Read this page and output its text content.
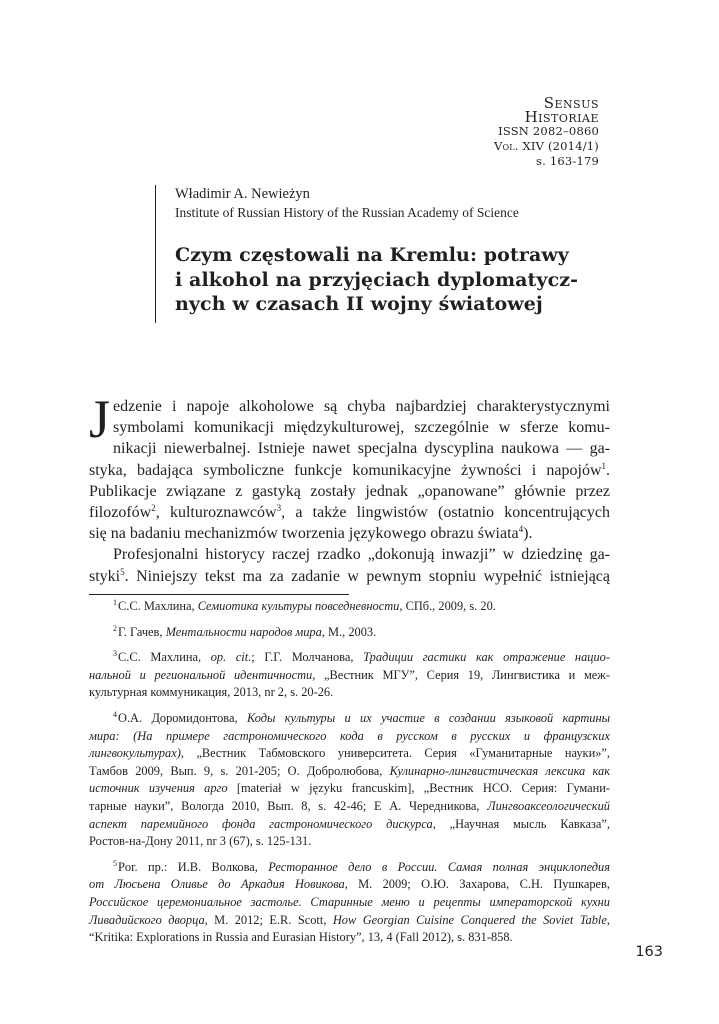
Sensus
Historiae
ISSN 2082–0860
Vol. XIV (2014/1)
s. 163-179
Władimir A. Newieżyn
Institute of Russian History of the Russian Academy of Science
Czym częstowali na Kremlu: potrawy
i alkohol na przyjęciach dyplomatycz-
nych w czasach II wojny światowej

J edzenie i napoje alkoholowe są chyba najbardziej charakterystycznymi
symbolami komunikacji międzykulturowej, szczególnie w sferze komu-
nikacji niewerbalnej. Istnieje nawet specjalna dyscyplina naukowa — ga-
styka, badająca symboliczne funkcje komunikacyjne żywności i napojów$^1$.
Publikacje związane z gastyką zostały jednak „opanowane” głównie przez
filozofów$^2$, kulturoznawców$^3$, a także lingwistów (ostatnio koncentrujących
się na badaniu mechanizmów tworzenia językowego obrazu świata$^4$).

Profesjonalni historycy raczej rzadko „dokonują inwazji” w dziedzinę ga-
styki$^5$. Niniejszy tekst ma za zadanie w pewnym stopniu wypełnić istniejącą

$^1$С.С. Махлина, Семиотика культуры повседневности, СПб., 2009, s. 20.
$^2$Г. Гачев, Ментальности народов мира, М., 2003.
$^3$С.С. Махлина, op. cit.; Г.Г. Молчанова, Традиции гастики как отражение нацио-
нальной и региональной идентичности, „Вестник МГУ”, Серия 19, Лингвистика и меж-
культурная коммуникация, 2013, nr 2, s. 20-26.
$^4$О.А. Доромидонтова, Коды культуры и их участие в создании языковой картины
мира: (На примере гастрономического кода в русском в русских и французских
лингвокультурах), „Вестник Табмовского университета. Серия «Гуманитарные науки»”,
Тамбов 2009, Вып. 9, s. 201-205; О. Добролюбова, Кулинарно-лингвистическая лексика как
источник изучения арго [materiał w języku francuskim], „Вестник НСО. Серия: Гумани-
тарные науки”, Вологда 2010, Вып. 8, s. 42-46; Е А. Чередникова, Лингвоаксеологический
аспект паремийного фонда гастрономического дискурса, „Научная мысль Кавказа”,
Ростов-на-Дону 2011, nr 3 (67), s. 125-131.
$^5$Por. пр.: И.В. Волкова, Ресторанное дело в России. Самая полная энциклопедия
от Люсьена Оливье до Аркадия Новикова, М. 2009; О.Ю. Захарова, С.Н. Пушкарев,
Российское церемониальное застолье. Старинные меню и рецепты императорской кухни
Ливадийского дворца, М. 2012; E.R. Scott, How Georgian Cuisine Conquered the Soviet Table,
“Kritika: Explorations in Russia and Eurasian History”, 13, 4 (Fall 2012), s. 831-858.
163
